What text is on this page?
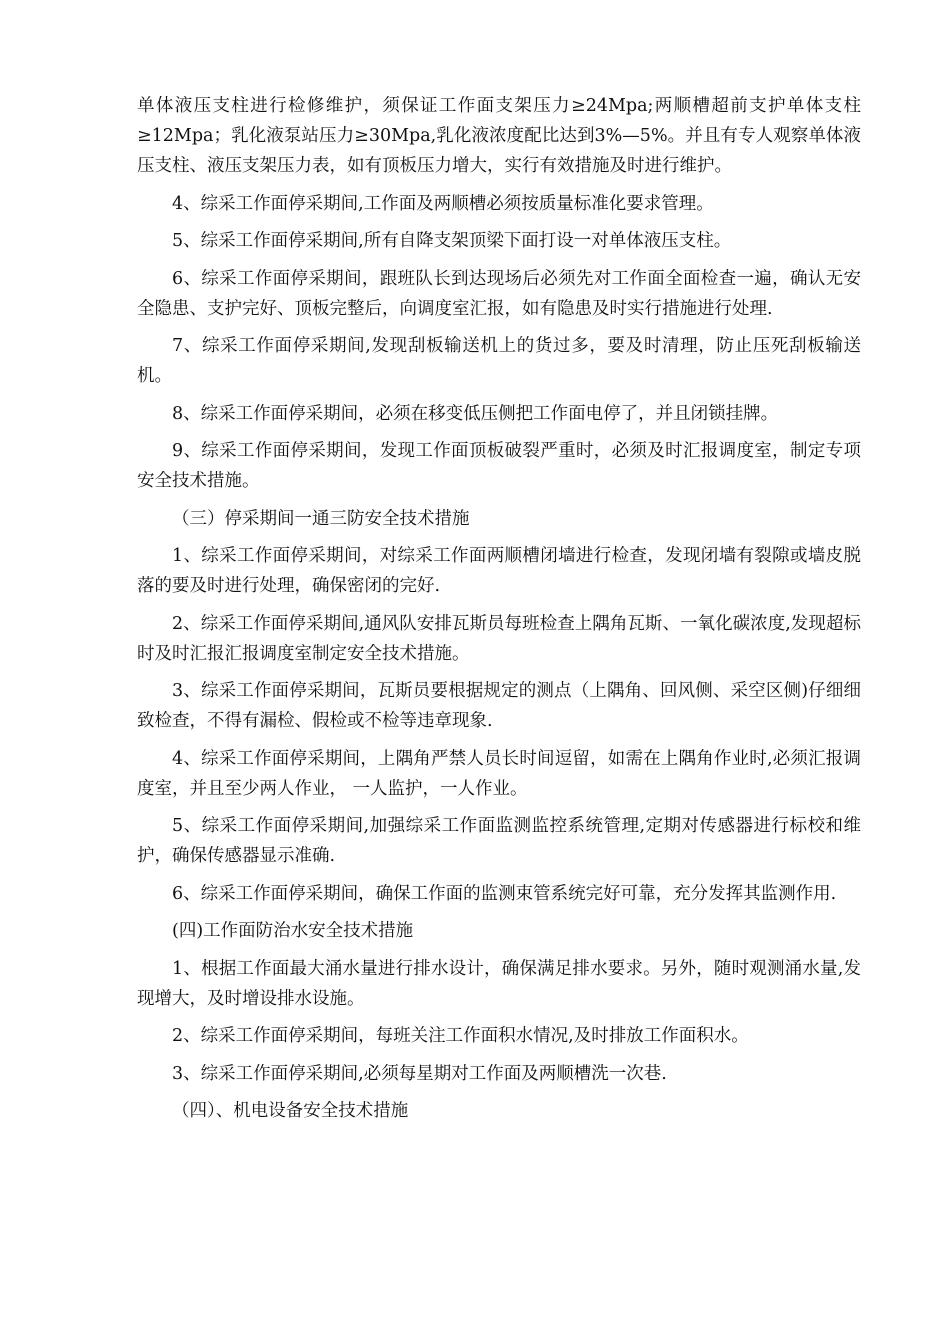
单体液压支柱进行检修维护，须保证工作面支架压力≥24Mpa;两顺槽超前支护单体支柱≥12Mpa；乳化液泵站压力≥30Mpa,乳化液浓度配比达到3%—5%。并且有专人观察单体液压支柱、液压支架压力表，如有顶板压力增大，实行有效措施及时进行维护。

4、综采工作面停采期间,工作面及两顺槽必须按质量标准化要求管理。

5、综采工作面停采期间,所有自降支架顶梁下面打设一对单体液压支柱。

6、综采工作面停采期间，跟班队长到达现场后必须先对工作面全面检查一遍，确认无安全隐患、支护完好、顶板完整后，向调度室汇报，如有隐患及时实行措施进行处理.

7、综采工作面停采期间,发现刮板输送机上的货过多，要及时清理，防止压死刮板输送机。

8、综采工作面停采期间，必须在移变低压侧把工作面电停了，并且闭锁挂牌。

9、综采工作面停采期间，发现工作面顶板破裂严重时，必须及时汇报调度室，制定专项安全技术措施。

（三）停采期间一通三防安全技术措施

1、综采工作面停采期间，对综采工作面两顺槽闭墙进行检查，发现闭墙有裂隙或墙皮脱落的要及时进行处理，确保密闭的完好.

2、综采工作面停采期间,通风队安排瓦斯员每班检查上隅角瓦斯、一氧化碳浓度,发现超标时及时汇报汇报调度室制定安全技术措施。

3、综采工作面停采期间，瓦斯员要根据规定的测点（上隅角、回风侧、采空区侧)仔细细致检查，不得有漏检、假检或不检等违章现象.

4、综采工作面停采期间，上隅角严禁人员长时间逗留，如需在上隅角作业时,必须汇报调度室，并且至少两人作业， 一人监护，一人作业。

5、综采工作面停采期间,加强综采工作面监测监控系统管理,定期对传感器进行标校和维护，确保传感器显示准确.

6、综采工作面停采期间，确保工作面的监测束管系统完好可靠，充分发挥其监测作用.

(四)工作面防治水安全技术措施

1、根据工作面最大涌水量进行排水设计，确保满足排水要求。另外，随时观测涌水量,发现增大，及时增设排水设施。

2、综采工作面停采期间，每班关注工作面积水情况,及时排放工作面积水。

3、综采工作面停采期间,必须每星期对工作面及两顺槽洗一次巷.

（四）、机电设备安全技术措施
